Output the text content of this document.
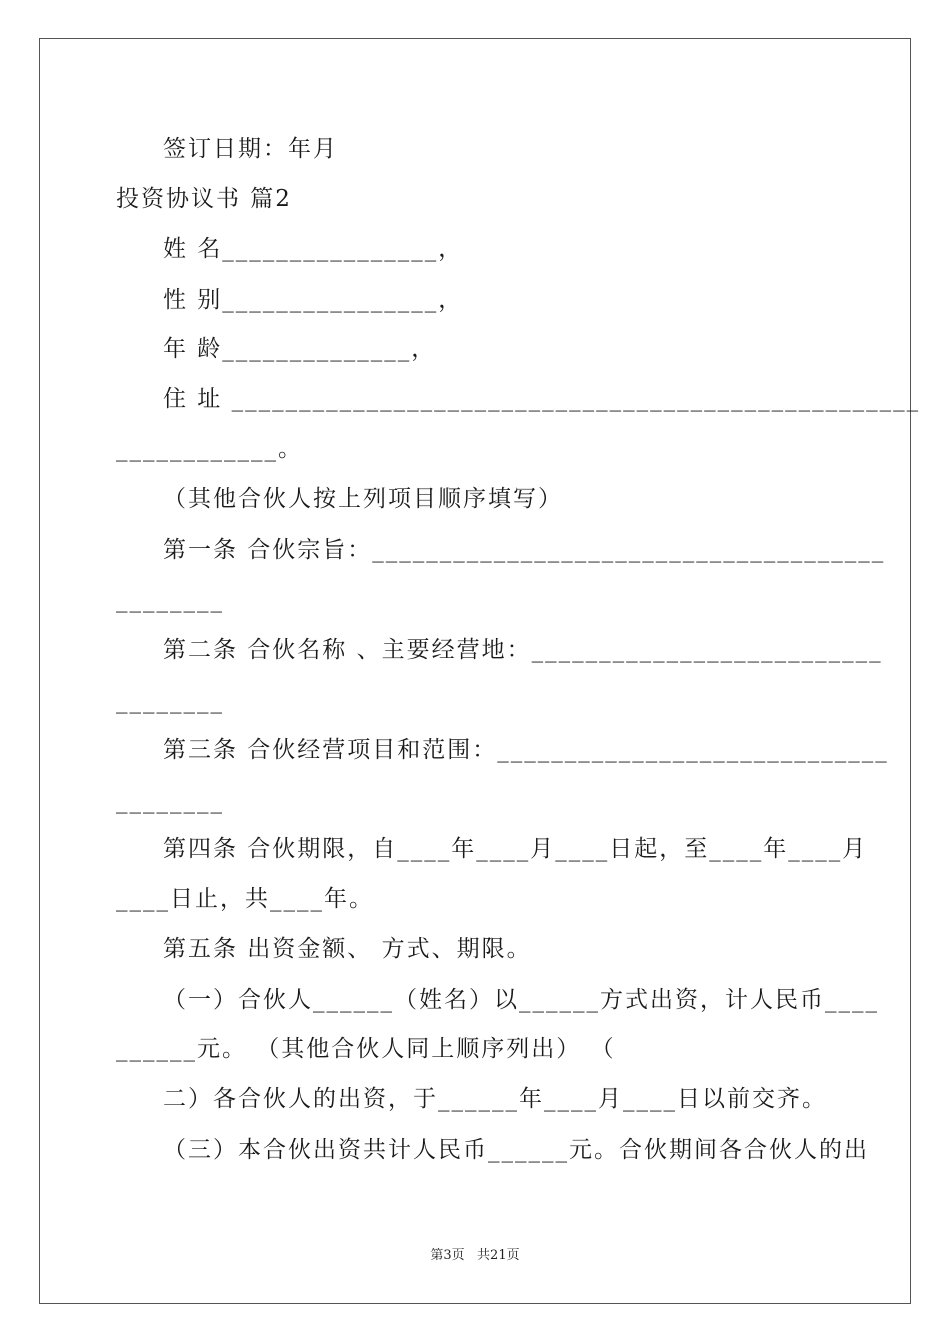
签订日期：年月
投资协议书 篇2
姓 名________________，
性 别________________，
年 龄______________，
住 址 ___________________________________________________
____________。
（其他合伙人按上列项目顺序填写）
第一条 合伙宗旨：______________________________________
________
第二条 合伙名称 、主要经营地：__________________________
________
第三条 合伙经营项目和范围：_____________________________
________
第四条 合伙期限，自____年____月____日起，至____年____月
____日止，共____年。
第五条 出资金额、 方式、期限。
（一）合伙人______（姓名）以______方式出资，计人民币____
______元。 （其他合伙人同上顺序列出） （
二）各合伙人的出资，于______年____月____日以前交齐。
（三）本合伙出资共计人民币______元。合伙期间各合伙人的出
第3页   共21页
